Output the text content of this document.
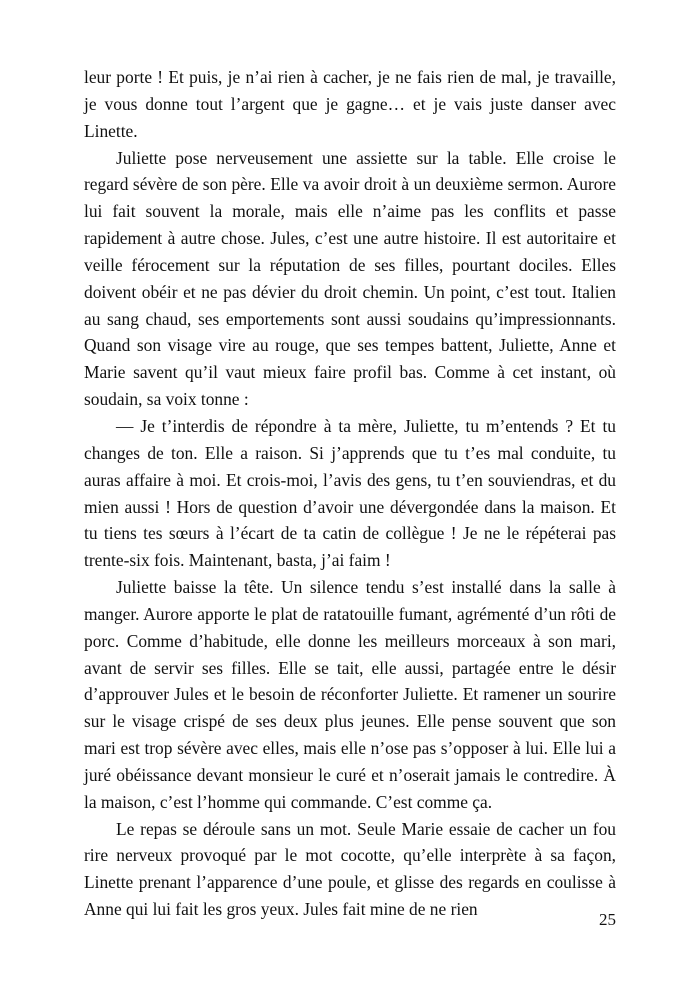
leur porte ! Et puis, je n’ai rien à cacher, je ne fais rien de mal, je travaille, je vous donne tout l’argent que je gagne… et je vais juste danser avec Linette.

Juliette pose nerveusement une assiette sur la table. Elle croise le regard sévère de son père. Elle va avoir droit à un deuxième sermon. Aurore lui fait souvent la morale, mais elle n’aime pas les conflits et passe rapidement à autre chose. Jules, c’est une autre histoire. Il est autoritaire et veille férocement sur la réputation de ses filles, pourtant dociles. Elles doivent obéir et ne pas dévier du droit chemin. Un point, c’est tout. Italien au sang chaud, ses emportements sont aussi soudains qu’impressionnants. Quand son visage vire au rouge, que ses tempes battent, Juliette, Anne et Marie savent qu’il vaut mieux faire profil bas. Comme à cet instant, où soudain, sa voix tonne :

— Je t’interdis de répondre à ta mère, Juliette, tu m’entends ? Et tu changes de ton. Elle a raison. Si j’apprends que tu t’es mal conduite, tu auras affaire à moi. Et crois-moi, l’avis des gens, tu t’en souviendras, et du mien aussi ! Hors de question d’avoir une dévergondée dans la maison. Et tu tiens tes sœurs à l’écart de ta catin de collègue ! Je ne le répéterai pas trente-six fois. Maintenant, basta, j’ai faim !

Juliette baisse la tête. Un silence tendu s’est installé dans la salle à manger. Aurore apporte le plat de ratatouille fumant, agrémenté d’un rôti de porc. Comme d’habitude, elle donne les meilleurs morceaux à son mari, avant de servir ses filles. Elle se tait, elle aussi, partagée entre le désir d’approuver Jules et le besoin de réconforter Juliette. Et ramener un sourire sur le visage crispé de ses deux plus jeunes. Elle pense souvent que son mari est trop sévère avec elles, mais elle n’ose pas s’opposer à lui. Elle lui a juré obéissance devant monsieur le curé et n’oserait jamais le contredire. À la maison, c’est l’homme qui commande. C’est comme ça.

Le repas se déroule sans un mot. Seule Marie essaie de cacher un fou rire nerveux provoqué par le mot cocotte, qu’elle interprète à sa façon, Linette prenant l’apparence d’une poule, et glisse des regards en coulisse à Anne qui lui fait les gros yeux. Jules fait mine de ne rien

25
